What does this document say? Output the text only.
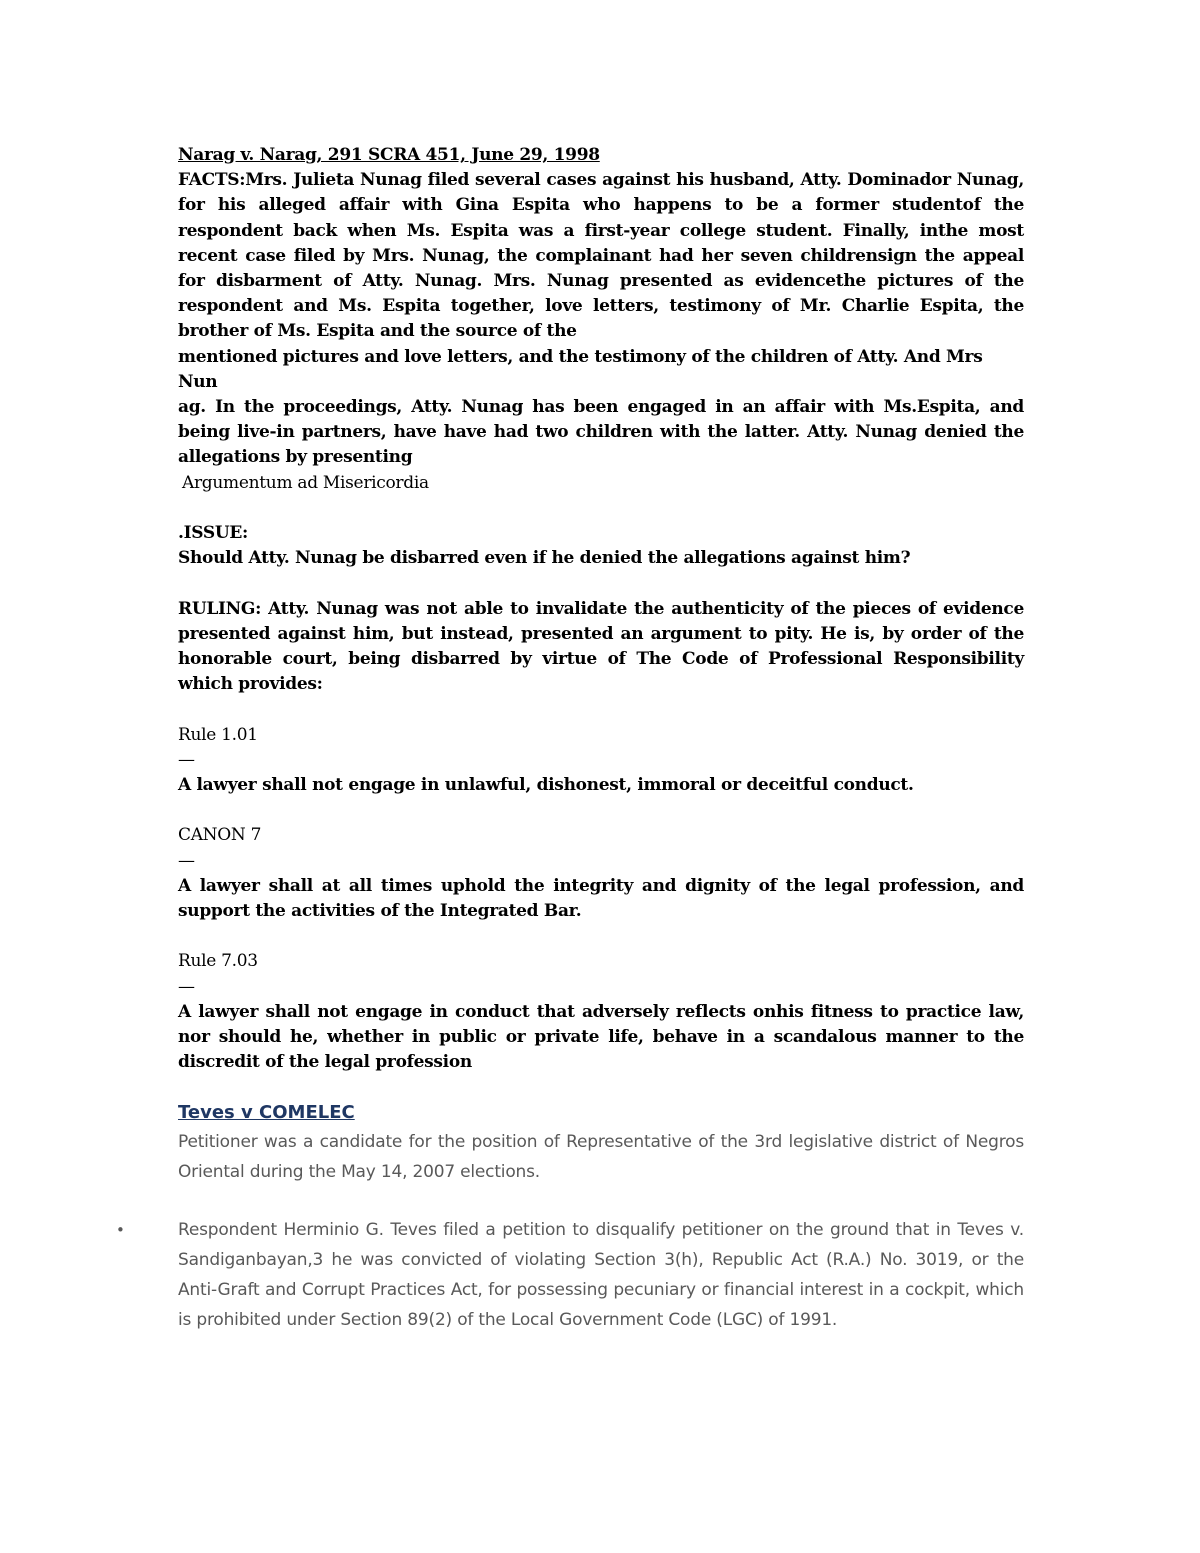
Narag v. Narag, 291 SCRA 451, June 29, 1998

FACTS:Mrs. Julieta Nunag filed several cases against his husband, Atty. Dominador Nunag, for his alleged affair with Gina Espita who happens to be a former studentof the respondent back when Ms. Espita was a first-year college student. Finally, inthe most recent case filed by Mrs. Nunag, the complainant had her seven childrensign the appeal for disbarment of Atty. Nunag. Mrs. Nunag presented as evidencethe pictures of the respondent and Ms. Espita together, love letters, testimony of Mr. Charlie Espita, the brother of Ms. Espita and the source of the

mentioned pictures and love letters, and the testimony of the children of Atty. And Mrs Nun

ag. In the proceedings, Atty. Nunag has been engaged in an affair with Ms.Espita, and being live-in partners, have have had two children with the latter. Atty. Nunag denied the allegations by presenting

Argumentum ad Misericordia

.ISSUE:

Should Atty. Nunag be disbarred even if he denied the allegations against him?

RULING: Atty. Nunag was not able to invalidate the authenticity of the pieces of evidence presented against him, but instead, presented an argument to pity. He is, by order of the honorable court, being disbarred by virtue of The Code of Professional Responsibility which provides:

Rule 1.01

—

A lawyer shall not engage in unlawful, dishonest, immoral or deceitful conduct.

CANON 7

—

A lawyer shall at all times uphold the integrity and dignity of the legal profession, and support the activities of the Integrated Bar.

Rule 7.03

—

A lawyer shall not engage in conduct that adversely reflects onhis fitness to practice law, nor should he, whether in public or private life, behave in a scandalous manner to the discredit of the legal profession

Teves v COMELEC

Petitioner was a candidate for the position of Representative of the 3rd legislative district of Negros Oriental during the May 14, 2007 elections.

•	Respondent Herminio G. Teves filed a petition to disqualify petitioner on the ground that in Teves v. Sandiganbayan,3 he was convicted of violating Section 3(h), Republic Act (R.A.) No. 3019, or the Anti-Graft and Corrupt Practices Act, for possessing pecuniary or financial interest in a cockpit, which is prohibited under Section 89(2) of the Local Government Code (LGC) of 1991.
